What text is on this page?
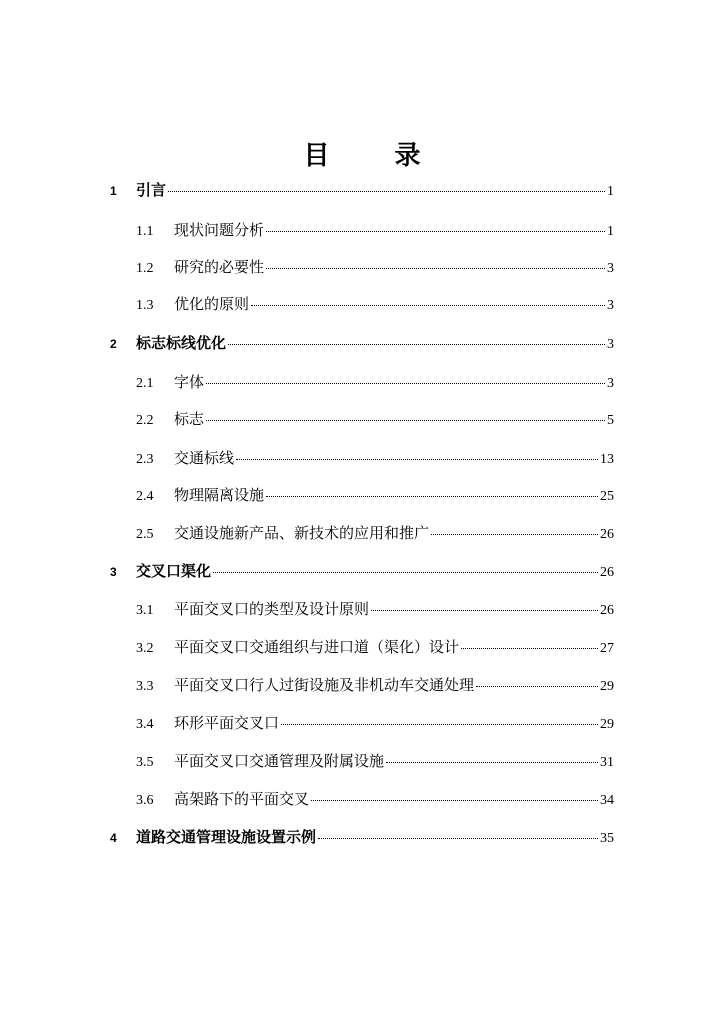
目 录
1	引言	1
1.1	现状问题分析	1
1.2	研究的必要性	3
1.3	优化的原则	3
2	标志标线优化	3
2.1	字体	3
2.2	标志	5
2.3	交通标线	13
2.4	物理隔离设施	25
2.5	交通设施新产品、新技术的应用和推广	26
3	交叉口渠化	26
3.1	平面交叉口的类型及设计原则	26
3.2	平面交叉口交通组织与进口道（渠化）设计	27
3.3	平面交叉口行人过街设施及非机动车交通处理	29
3.4	环形平面交叉口	29
3.5	平面交叉口交通管理及附属设施	31
3.6	高架路下的平面交叉	34
4	道路交通管理设施设置示例	35
